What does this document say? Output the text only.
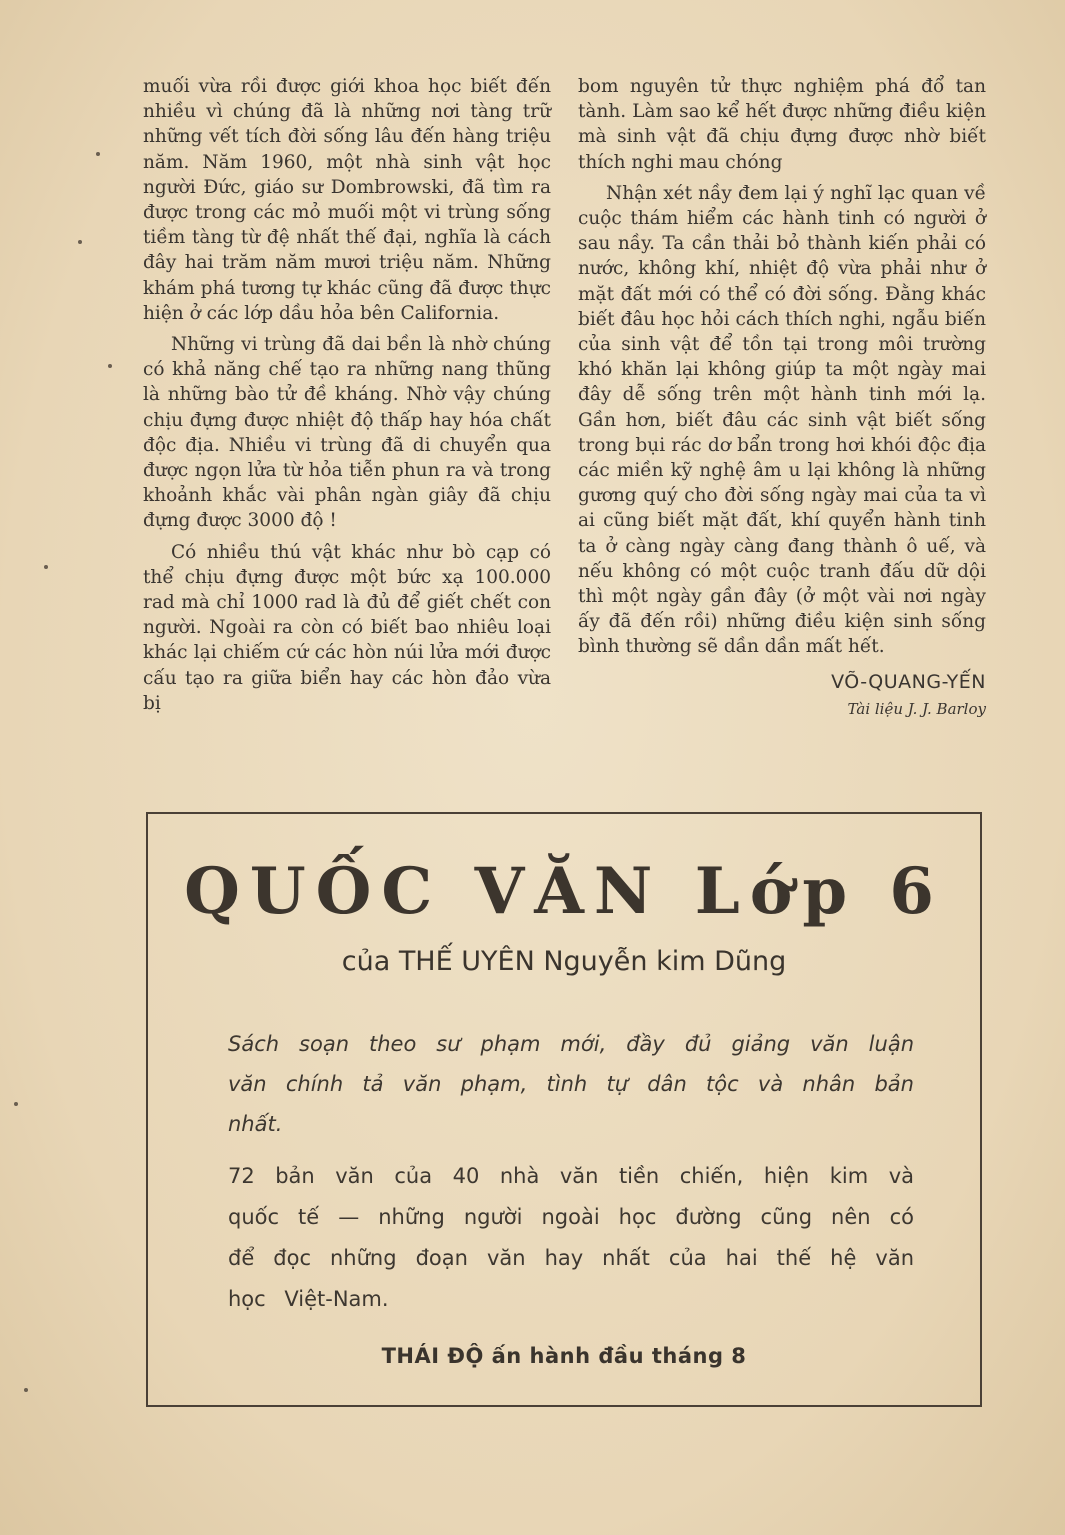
muối vừa rồi được giới khoa học biết đến nhiều vì chúng đã là những nơi tàng trữ những vết tích đời sống lâu đến hàng triệu năm. Năm 1960, một nhà sinh vật học người Đức, giáo sư Dombrowski, đã tìm ra được trong các mỏ muối một vi trùng sống tiềm tàng từ đệ nhất thế đại, nghĩa là cách đây hai trăm năm mươi triệu năm. Những khám phá tương tự khác cũng đã được thực hiện ở các lớp dầu hỏa bên California.

Những vi trùng đã dai bền là nhờ chúng có khả năng chế tạo ra những nang thũng là những bào tử đề kháng. Nhờ vậy chúng chịu đựng được nhiệt độ thấp hay hóa chất độc địa. Nhiều vi trùng đã di chuyển qua được ngọn lửa từ hỏa tiễn phun ra và trong khoảnh khắc vài phân ngàn giây đã chịu đựng được 3000 độ !

Có nhiều thú vật khác như bò cạp có thể chịu đựng được một bức xạ 100.000 rad mà chỉ 1000 rad là đủ để giết chết con người. Ngoài ra còn có biết bao nhiêu loại khác lại chiếm cứ các hòn núi lửa mới được cấu tạo ra giữa biển hay các hòn đảo vừa bị

bom nguyên tử thực nghiệm phá đổ tan tành. Làm sao kể hết được những điều kiện mà sinh vật đã chịu đựng được nhờ biết thích nghi mau chóng

Nhận xét nầy đem lại ý nghĩ lạc quan về cuộc thám hiểm các hành tinh có người ở sau nầy. Ta cần thải bỏ thành kiến phải có nước, không khí, nhiệt độ vừa phải như ở mặt đất mới có thể có đời sống. Đằng khác biết đâu học hỏi cách thích nghi, ngẫu biến của sinh vật để tồn tại trong môi trường khó khăn lại không giúp ta một ngày mai đây dễ sống trên một hành tinh mới lạ. Gần hơn, biết đâu các sinh vật biết sống trong bụi rác dơ bẩn trong hơi khói độc địa các miền kỹ nghệ âm u lại không là những gương quý cho đời sống ngày mai của ta vì ai cũng biết mặt đất, khí quyển hành tinh ta ở càng ngày càng đang thành ô uế, và nếu không có một cuộc tranh đấu dữ dội thì một ngày gần đây (ở một vài nơi ngày ấy đã đến rồi) những điều kiện sinh sống bình thường sẽ dần dần mất hết.

VÕ-QUANG-YẾN
Tài liệu J. J. Barloy
QUỐC VĂN Lớp 6
của THẾ UYÊN Nguyễn kim Dũng
Sách soạn theo sư phạm mới, đầy đủ giảng văn luận văn chính tả văn phạm, tình tự dân tộc và nhân bản nhất.
72 bản văn của 40 nhà văn tiền chiến, hiện kim và quốc tế — những người ngoài học đường cũng nên có để đọc những đoạn văn hay nhất của hai thế hệ văn học Việt-Nam.
THÁI ĐỘ ấn hành đầu tháng 8
